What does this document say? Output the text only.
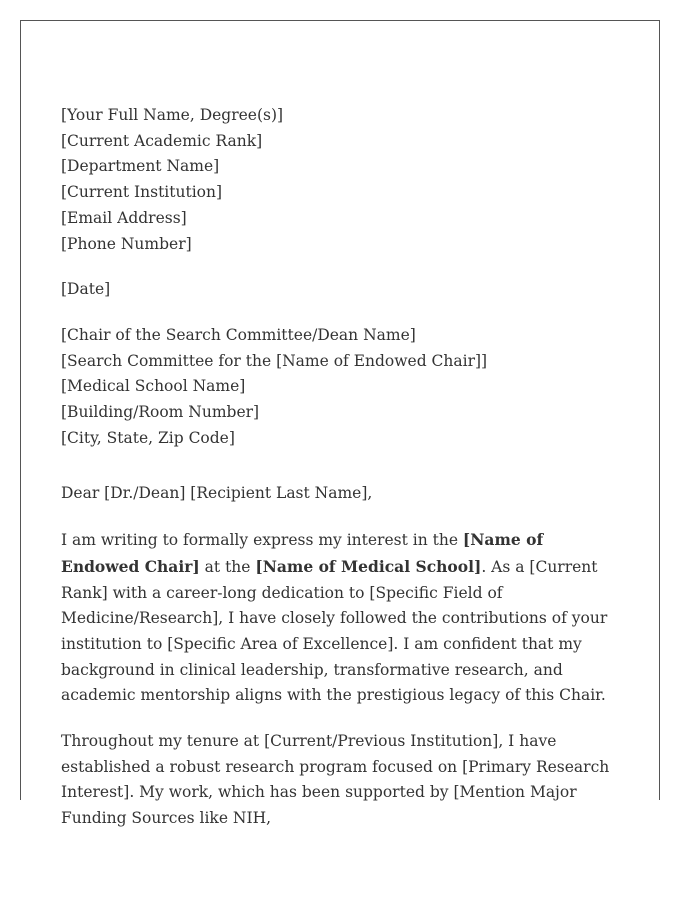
[Your Full Name, Degree(s)]
[Current Academic Rank]
[Department Name]
[Current Institution]
[Email Address]
[Phone Number]
[Date]
[Chair of the Search Committee/Dean Name]
[Search Committee for the [Name of Endowed Chair]]
[Medical School Name]
[Building/Room Number]
[City, State, Zip Code]
Dear [Dr./Dean] [Recipient Last Name],

I am writing to formally express my interest in the [Name of Endowed Chair] at the [Name of Medical School]. As a [Current Rank] with a career-long dedication to [Specific Field of Medicine/Research], I have closely followed the contributions of your institution to [Specific Area of Excellence]. I am confident that my background in clinical leadership, transformative research, and academic mentorship aligns with the prestigious legacy of this Chair.

Throughout my tenure at [Current/Previous Institution], I have established a robust research program focused on [Primary Research Interest]. My work, which has been supported by [Mention Major Funding Sources like NIH,
